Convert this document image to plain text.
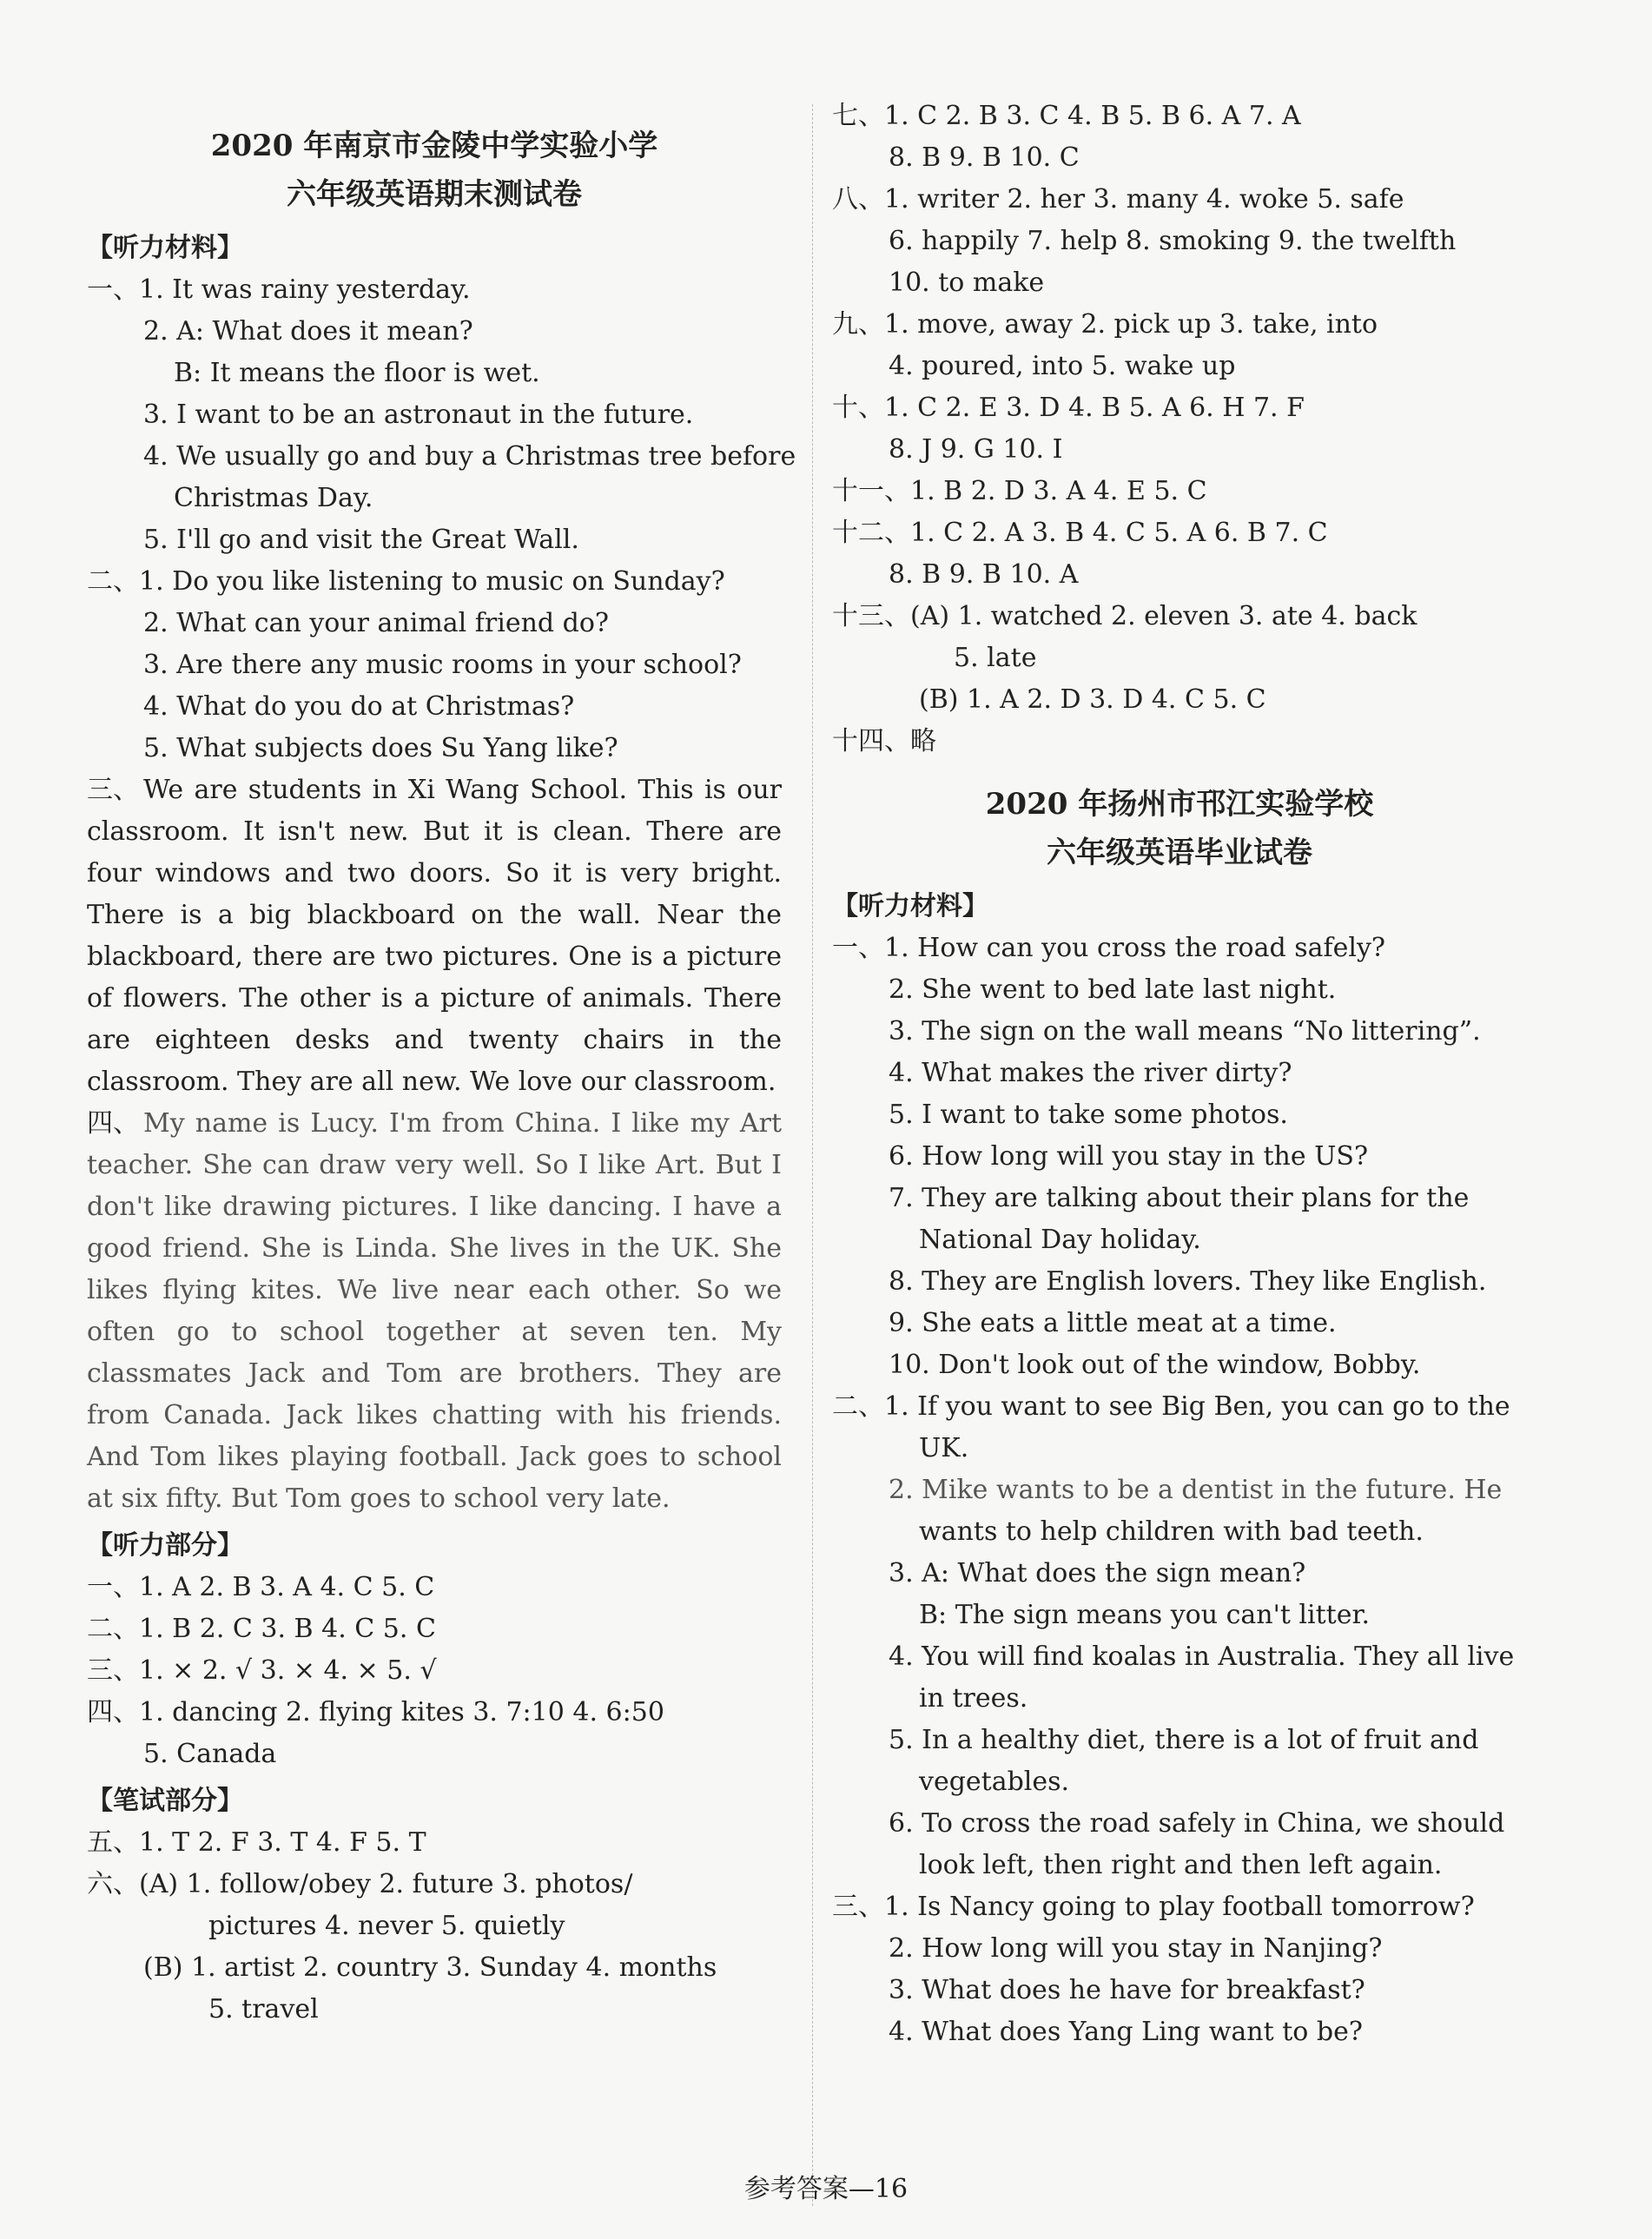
2020 年南京市金陵中学实验小学
六年级英语期末测试卷
【听力材料】
一、1. It was rainy yesterday.
2. A: What does it mean?
B: It means the floor is wet.
3. I want to be an astronaut in the future.
4. We usually go and buy a Christmas tree before
Christmas Day.
5. I'll go and visit the Great Wall.
二、1. Do you like listening to music on Sunday?
2. What can your animal friend do?
3. Are there any music rooms in your school?
4. What do you do at Christmas?
5. What subjects does Su Yang like?
三、 We are students in Xi Wang School. This is our classroom. It isn't new. But it is clean. There are four windows and two doors. So it is very bright. There is a big blackboard on the wall. Near the blackboard, there are two pictures. One is a picture of flowers. The other is a picture of animals. There are eighteen desks and twenty chairs in the classroom. They are all new. We love our classroom.
四、 My name is Lucy. I'm from China. I like my Art teacher. She can draw very well. So I like Art. But I don't like drawing pictures. I like dancing. I have a good friend. She is Linda. She lives in the UK. She likes flying kites. We live near each other. So we often go to school together at seven ten. My classmates Jack and Tom are brothers. They are from Canada. Jack likes chatting with his friends. And Tom likes playing football. Jack goes to school at six fifty. But Tom goes to school very late.
【听力部分】
一、1. A 2. B 3. A 4. C 5. C
二、1. B 2. C 3. B 4. C 5. C
三、1. × 2. √ 3. × 4. × 5. √
四、1. dancing 2. flying kites 3. 7:10 4. 6:50
5. Canada
【笔试部分】
五、1. T 2. F 3. T 4. F 5. T
六、(A) 1. follow/obey 2. future 3. photos/
pictures 4. never 5. quietly
(B) 1. artist 2. country 3. Sunday 4. months
5. travel
七、1. C 2. B 3. C 4. B 5. B 6. A 7. A
8. B 9. B 10. C
八、1. writer 2. her 3. many 4. woke 5. safe
6. happily 7. help 8. smoking 9. the twelfth
10. to make
九、1. move, away 2. pick up 3. take, into
4. poured, into 5. wake up
十、1. C 2. E 3. D 4. B 5. A 6. H 7. F
8. J 9. G 10. I
十一、1. B 2. D 3. A 4. E 5. C
十二、1. C 2. A 3. B 4. C 5. A 6. B 7. C
8. B 9. B 10. A
十三、(A) 1. watched 2. eleven 3. ate 4. back
5. late
(B) 1. A 2. D 3. D 4. C 5. C
十四、略
2020 年扬州市邗江实验学校
六年级英语毕业试卷
【听力材料】
一、1. How can you cross the road safely?
2. She went to bed late last night.
3. The sign on the wall means “No littering”.
4. What makes the river dirty?
5. I want to take some photos.
6. How long will you stay in the US?
7. They are talking about their plans for the
National Day holiday.
8. They are English lovers. They like English.
9. She eats a little meat at a time.
10. Don't look out of the window, Bobby.
二、1. If you want to see Big Ben, you can go to the
UK.
2. Mike wants to be a dentist in the future. He
wants to help children with bad teeth.
3. A: What does the sign mean?
B: The sign means you can't litter.
4. You will find koalas in Australia. They all live
in trees.
5. In a healthy diet, there is a lot of fruit and
vegetables.
6. To cross the road safely in China, we should
look left, then right and then left again.
三、1. Is Nancy going to play football tomorrow?
2. How long will you stay in Nanjing?
3. What does he have for breakfast?
4. What does Yang Ling want to be?
参考答案—16
